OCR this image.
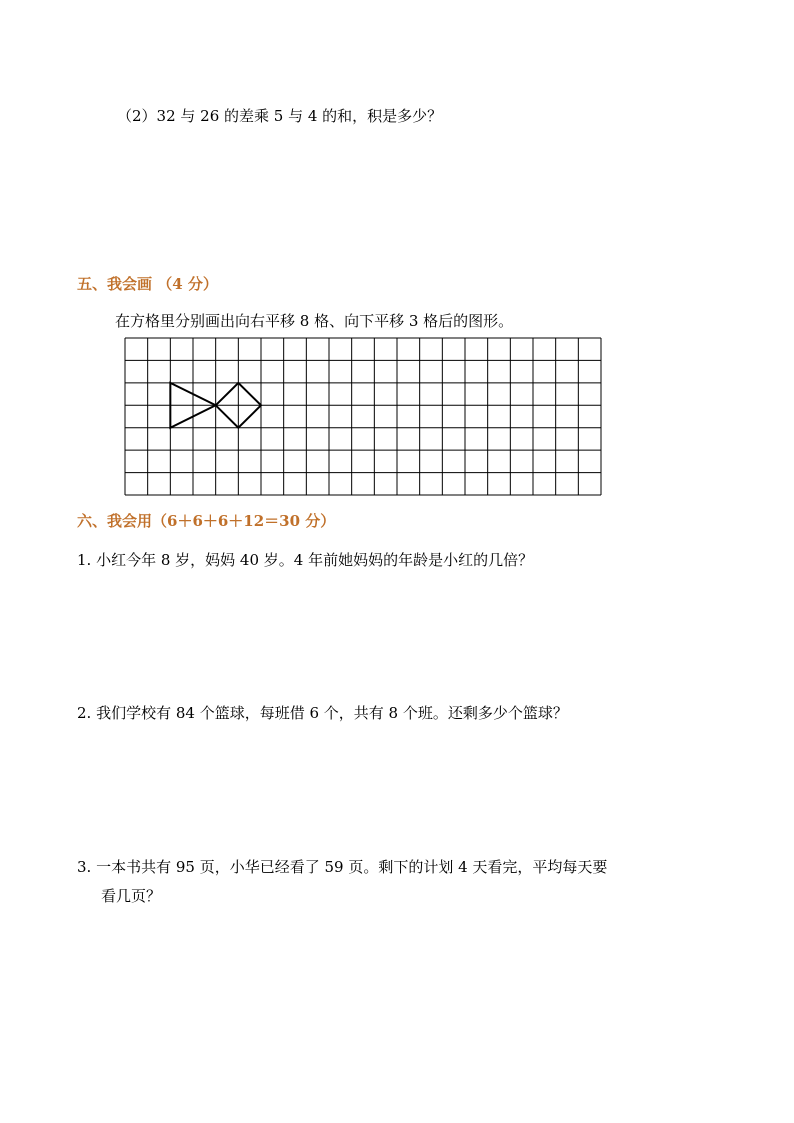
（2）32 与 26 的差乘 5 与 4 的和，积是多少？
五、我会画 （4 分）
在方格里分别画出向右平移 8 格、向下平移 3 格后的图形。
六、我会用（6＋6＋6＋12＝30 分）
1. 小红今年 8 岁，妈妈 40 岁。4 年前她妈妈的年龄是小红的几倍？
2. 我们学校有 84 个篮球，每班借 6 个，共有 8 个班。还剩多少个篮球？
3. 一本书共有 95 页，小华已经看了 59 页。剩下的计划 4 天看完，平均每天要
看几页？
